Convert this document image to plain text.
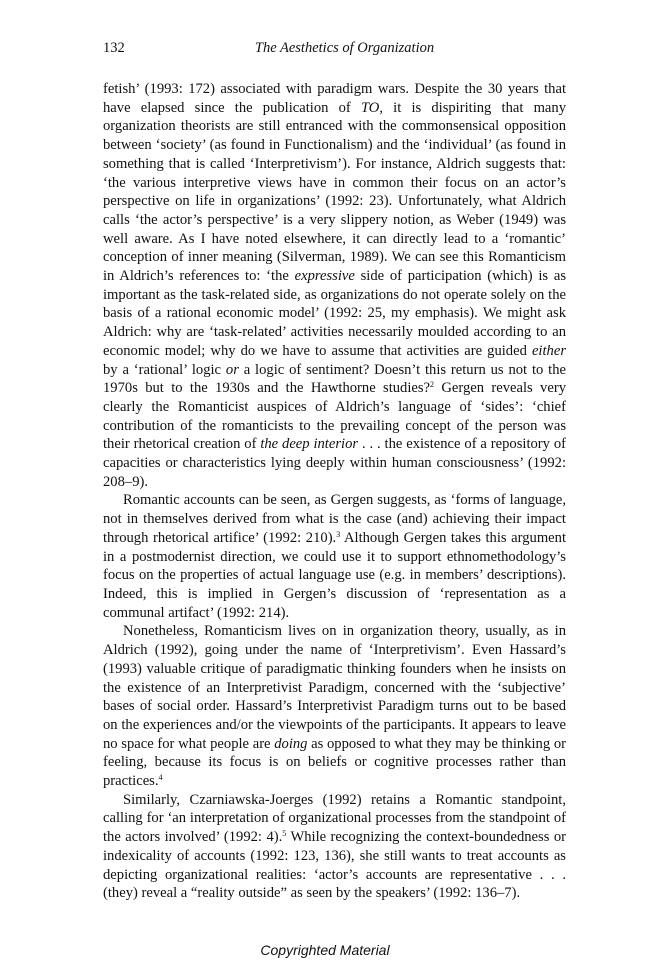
132	The Aesthetics of Organization

fetish’ (1993: 172) associated with paradigm wars. Despite the 30 years that have elapsed since the publication of TO, it is dispiriting that many organization theorists are still entranced with the commonsensical opposition between ‘society’ (as found in Functionalism) and the ‘individual’ (as found in something that is called ‘Interpretivism’). For instance, Aldrich suggests that: ‘the various interpretive views have in common their focus on an actor’s perspective on life in organizations’ (1992: 23). Unfortunately, what Aldrich calls ‘the actor’s perspective’ is a very slippery notion, as Weber (1949) was well aware. As I have noted elsewhere, it can directly lead to a ‘romantic’ conception of inner meaning (Silverman, 1989). We can see this Romanticism in Aldrich’s references to: ‘the expressive side of participation (which) is as important as the task-related side, as organizations do not operate solely on the basis of a rational economic model’ (1992: 25, my emphasis). We might ask Aldrich: why are ‘task-related’ activities necessarily moulded according to an economic model; why do we have to assume that activities are guided either by a ‘rational’ logic or a logic of sentiment? Doesn’t this return us not to the 1970s but to the 1930s and the Hawthorne studies?$^2$ Gergen reveals very clearly the Romanticist auspices of Aldrich’s language of ‘sides’: ‘chief contribution of the romanticists to the prevailing concept of the person was their rhetorical creation of the deep interior . . . the existence of a repository of capacities or characteristics lying deeply within human consciousness’ (1992: 208–9).

Romantic accounts can be seen, as Gergen suggests, as ‘forms of language, not in themselves derived from what is the case (and) achieving their impact through rhetorical artifice’ (1992: 210).$^3$ Although Gergen takes this argument in a postmodernist direction, we could use it to support ethnomethodology’s focus on the properties of actual language use (e.g. in members’ descriptions). Indeed, this is implied in Gergen’s discussion of ‘representation as a communal artifact’ (1992: 214).

Nonetheless, Romanticism lives on in organization theory, usually, as in Aldrich (1992), going under the name of ‘Interpretivism’. Even Hassard’s (1993) valuable critique of paradigmatic thinking founders when he insists on the existence of an Interpretivist Paradigm, concerned with the ‘subjective’ bases of social order. Hassard’s Interpretivist Paradigm turns out to be based on the experiences and/or the viewpoints of the participants. It appears to leave no space for what people are doing as opposed to what they may be thinking or feeling, because its focus is on beliefs or cognitive processes rather than practices.$^4$

Similarly, Czarniawska-Joerges (1992) retains a Romantic standpoint, calling for ‘an interpretation of organizational processes from the standpoint of the actors involved’ (1992: 4).$^5$ While recognizing the context-boundedness or indexicality of accounts (1992: 123, 136), she still wants to treat accounts as depicting organizational realities: ‘actor’s accounts are representative . . . (they) reveal a “reality outside” as seen by the speakers’ (1992: 136–7).

Copyrighted Material
